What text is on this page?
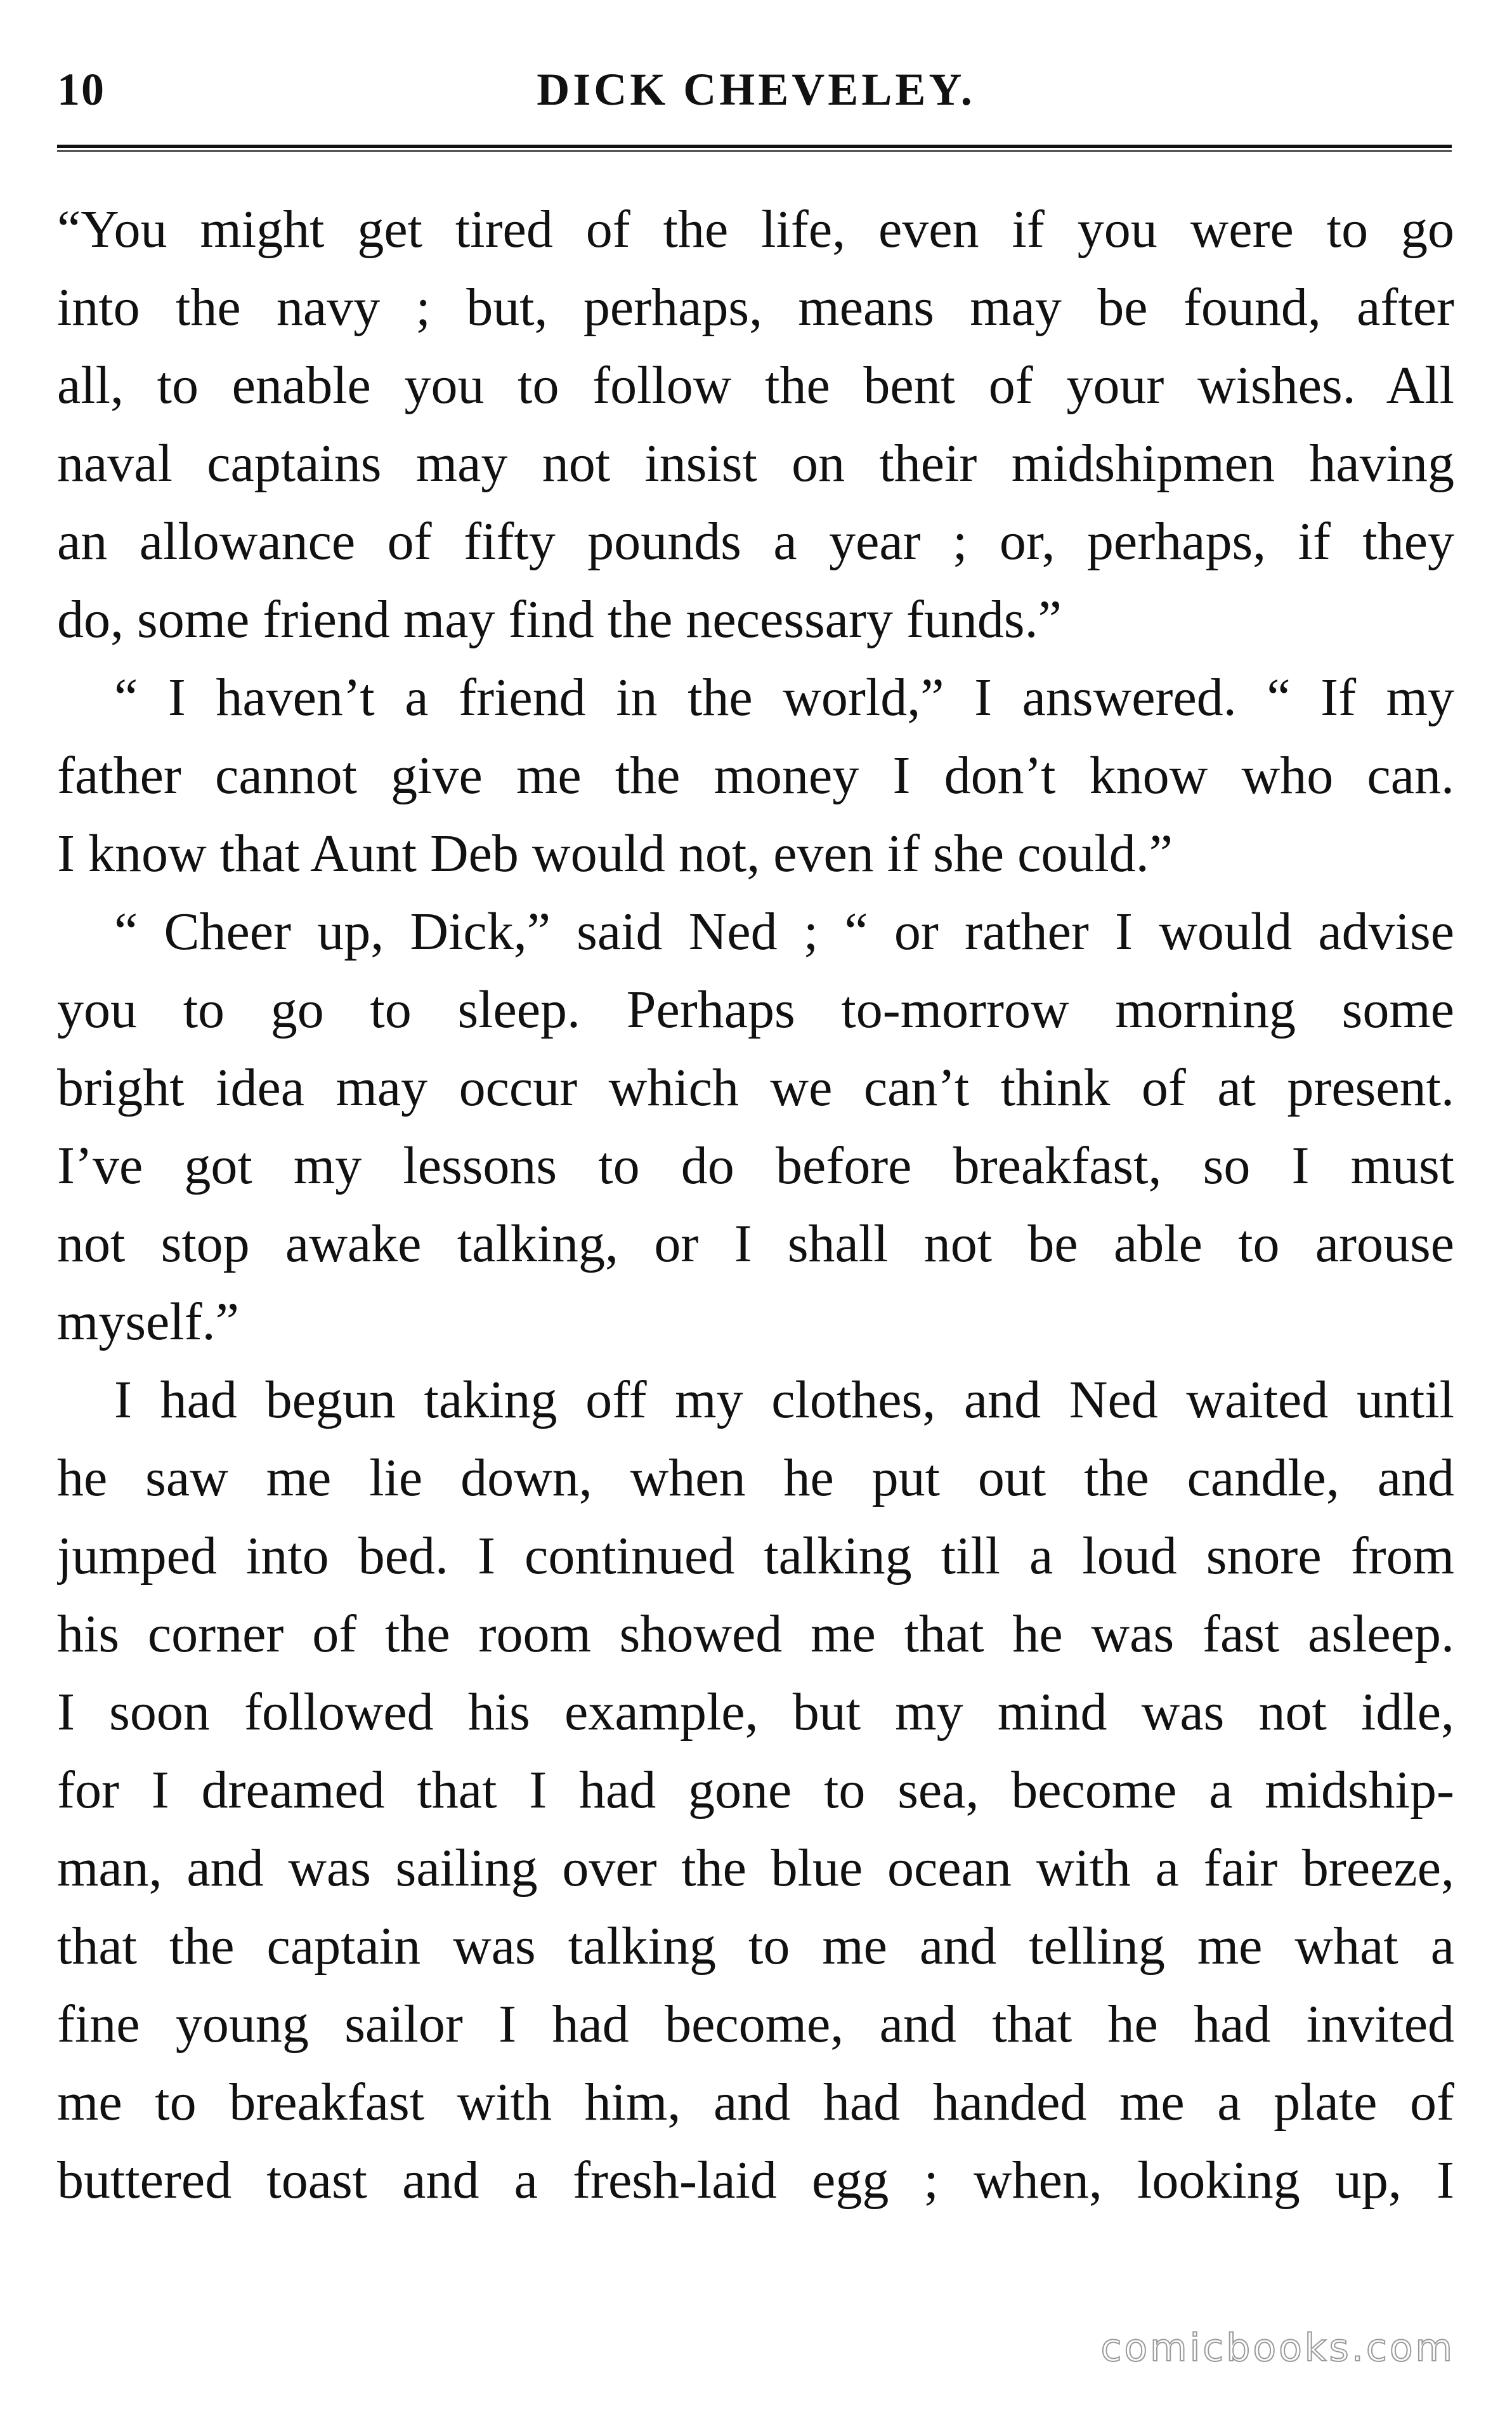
10	DICK CHEVELEY.
“You might get tired of the life, even if you were to go
into the navy ; but, perhaps, means may be found, after
all, to enable you to follow the bent of your wishes. All
naval captains may not insist on their midshipmen having
an allowance of fifty pounds a year ; or, perhaps, if they
do, some friend may find the necessary funds.”
“ I haven’t a friend in the world,” I answered. “ If my
father cannot give me the money I don’t know who can.
I know that Aunt Deb would not, even if she could.”
“ Cheer up, Dick,” said Ned ; “ or rather I would advise
you to go to sleep. Perhaps to-morrow morning some
bright idea may occur which we can’t think of at present.
I’ve got my lessons to do before breakfast, so I must
not stop awake talking, or I shall not be able to arouse
myself.”
I had begun taking off my clothes, and Ned waited until
he saw me lie down, when he put out the candle, and
jumped into bed. I continued talking till a loud snore from
his corner of the room showed me that he was fast asleep.
I soon followed his example, but my mind was not idle,
for I dreamed that I had gone to sea, become a midship-
man, and was sailing over the blue ocean with a fair breeze,
that the captain was talking to me and telling me what a
fine young sailor I had become, and that he had invited
me to breakfast with him, and had handed me a plate of
buttered toast and a fresh-laid egg ; when, looking up, I
comicbooks.com
